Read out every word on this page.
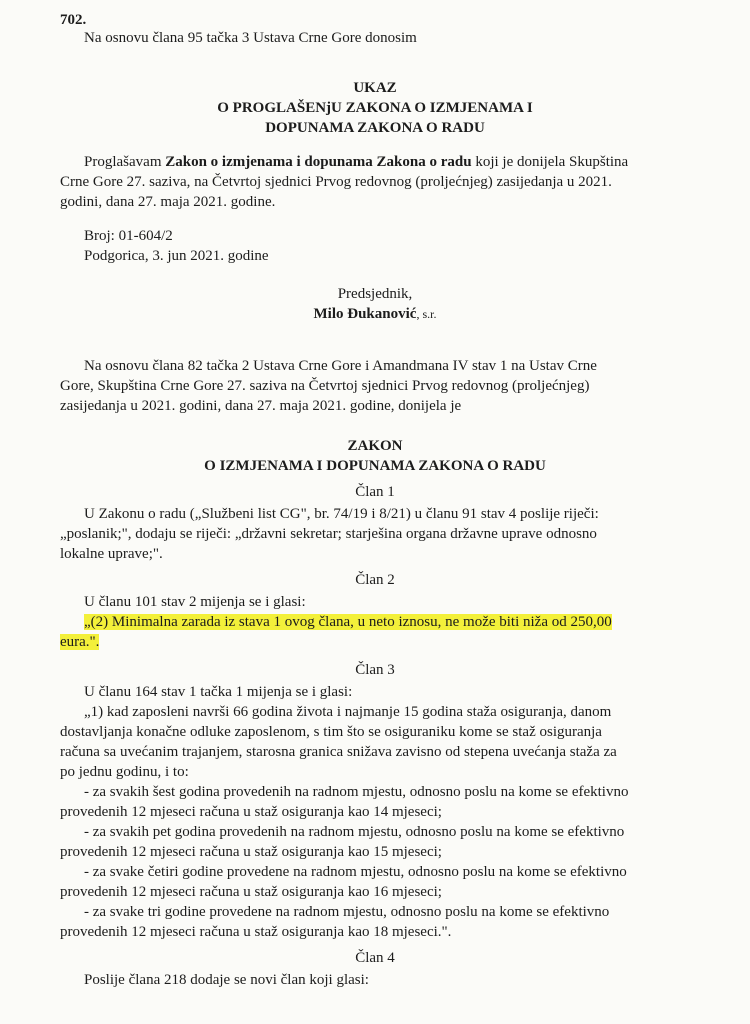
702.
Na osnovu člana 95 tačka 3 Ustava Crne Gore donosim
UKAZ
O PROGLAŠENjU ZAKONA O IZMJENAMA I
DOPUNAMA ZAKONA O RADU
Proglašavam Zakon o izmjenama i dopunama Zakona o radu koji je donijela Skupština
Crne Gore 27. saziva, na Četvrtoj sjednici Prvog redovnog (proljećnjeg) zasijedanja u 2021.
godini, dana 27. maja 2021. godine.
Broj: 01-604/2
Podgorica, 3. jun 2021. godine
Predsjednik,
Milo Đukanović, s.r.
Na osnovu člana 82 tačka 2 Ustava Crne Gore i Amandmana IV stav 1 na Ustav Crne
Gore, Skupština Crne Gore 27. saziva na Četvrtoj sjednici Prvog redovnog (proljećnjeg)
zasijedanja u 2021. godini, dana 27. maja 2021. godine, donijela je
ZAKON
O IZMJENAMA I DOPUNAMA ZAKONA O RADU
Član 1
U Zakonu o radu („Službeni list CG", br. 74/19 i 8/21) u članu 91 stav 4 poslije riječi:
„poslanik;", dodaju se riječi: „državni sekretar; starješina organa državne uprave odnosno
lokalne uprave;".
Član 2
U članu 101 stav 2 mijenja se i glasi:
„(2) Minimalna zarada iz stava 1 ovog člana, u neto iznosu, ne može biti niža od 250,00
eura.".
Član 3
U članu 164 stav 1 tačka 1 mijenja se i glasi:
„1) kad zaposleni navrši 66 godina života i najmanje 15 godina staža osiguranja, danom
dostavljanja konačne odluke zaposlenom, s tim što se osiguraniku kome se staž osiguranja
računa sa uvećanim trajanjem, starosna granica snižava zavisno od stepena uvećanja staža za
po jednu godinu, i to:
- za svakih šest godina provedenih na radnom mjestu, odnosno poslu na kome se efektivno
provedenih 12 mjeseci računa u staž osiguranja kao 14 mjeseci;
- za svakih pet godina provedenih na radnom mjestu, odnosno poslu na kome se efektivno
provedenih 12 mjeseci računa u staž osiguranja kao 15 mjeseci;
- za svake četiri godine provedene na radnom mjestu, odnosno poslu na kome se efektivno
provedenih 12 mjeseci računa u staž osiguranja kao 16 mjeseci;
- za svake tri godine provedene na radnom mjestu, odnosno poslu na kome se efektivno
provedenih 12 mjeseci računa u staž osiguranja kao 18 mjeseci.".
Član 4
Poslije člana 218 dodaje se novi član koji glasi:
